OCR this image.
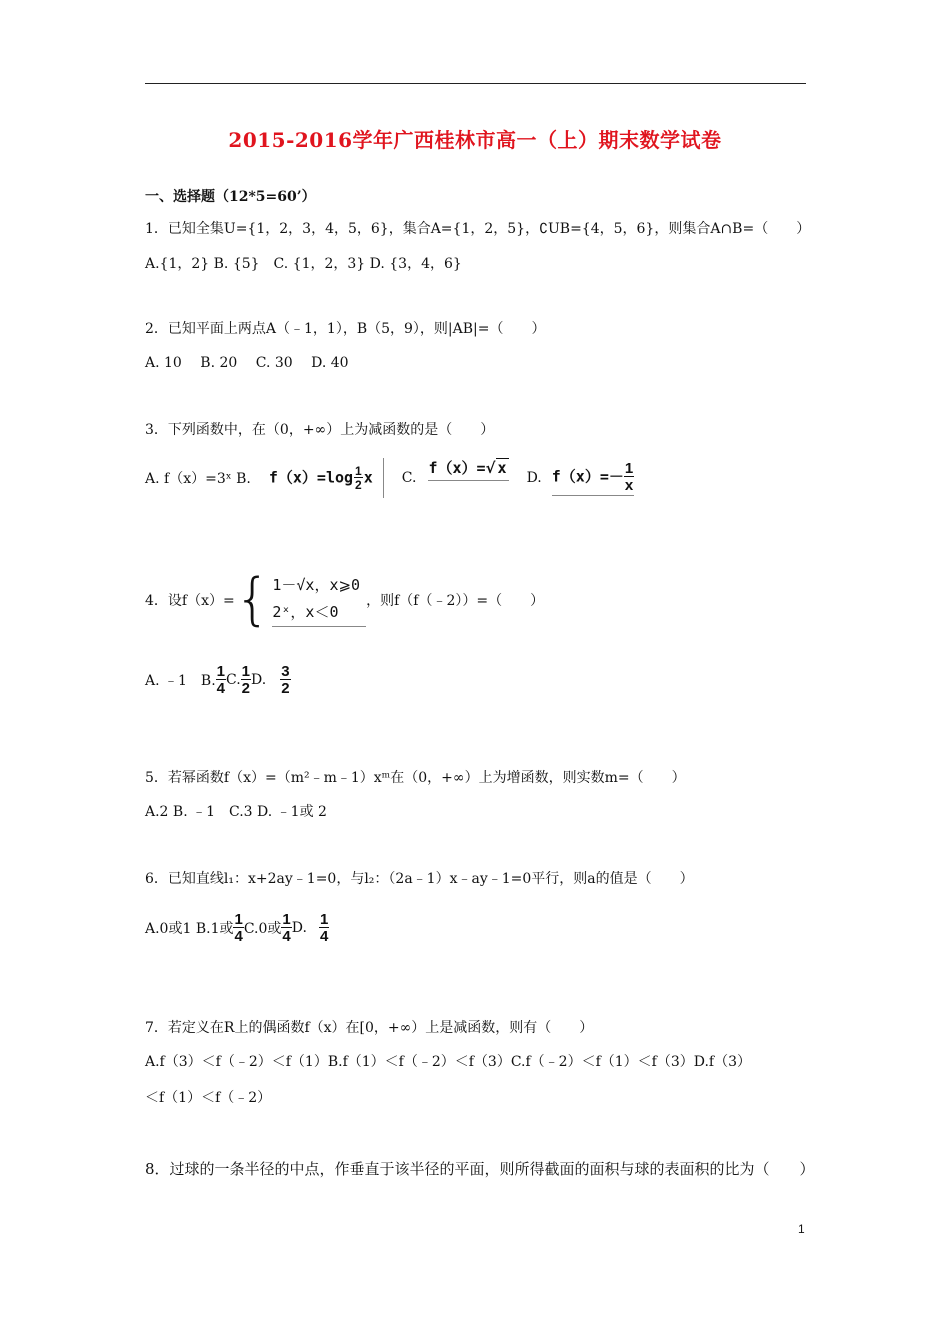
2015-2016学年广西桂林市高一（上）期末数学试卷
一、选择题（12*5=60’）
1．已知全集U={1，2，3，4，5，6}，集合A={1，2，5}，∁UB={4，5，6}，则集合A∩B=（　　）
A.{1，2} B. {5}　C. {1，2，3} D. {3，4，6}
2．已知平面上两点A（﹣1，1），B（5，9），则|AB|=（　　）
A. 10　 B. 20　 C. 30　 D. 40
3．下列函数中，在（0，+∞）上为减函数的是（　　）
A. f（x）=3ˣ B. $f(x)=\log \frac{1}{2}$ x C.
f（x）=√ x
D. $f(x)=- \frac{1}{x}$
4．设f（x）= { 1－√x，x⩾0
2ˣ，x＜0
，则f（f（﹣2））=（　　）
A. ﹣1　B. $\frac{1}{4} C$. $\frac{1}{2} D$. $\frac{3}{2}$
5．若幂函数f（x）=（m²﹣m﹣1）xᵐ在（0，+∞）上为增函数，则实数m=（　　）
A.2 B. ﹣1　C.3 D. ﹣1或 2
6．已知直线l₁：x+2ay﹣1=0，与l₂：（2a﹣1）x﹣ay﹣1=0平行，则a的值是（　　）
A.0或1 B.1或 $\frac{1}{4} C.0$或 $\frac{1}{4} D$. $\frac{1}{4}$
7．若定义在R上的偶函数f（x）在[0，+∞）上是减函数，则有（　　）
A.f（3）＜f（﹣2）＜f（1）B.f（1）＜f（﹣2）＜f（3）C.f（﹣2）＜f（1）＜f（3）D.f（3）
＜f（1）＜f（﹣2）
8．过球的一条半径的中点，作垂直于该半径的平面，则所得截面的面积与球的表面积的比为（　　）
1
